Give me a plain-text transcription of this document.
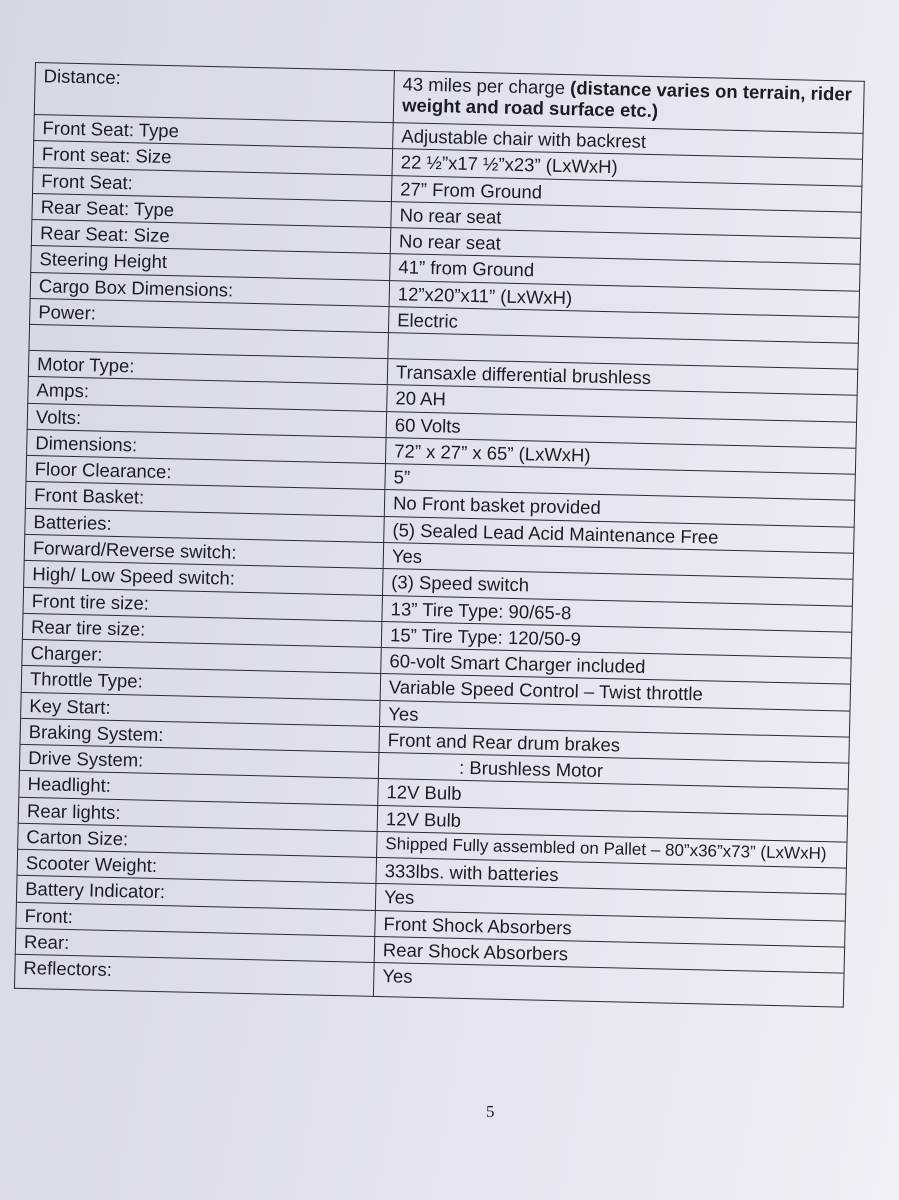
Distance:	43 miles per charge (distance varies on terrain, rider weight and road surface etc.)
Front Seat: Type	Adjustable chair with backrest
Front seat: Size	22 ½”x17 ½”x23” (LxWxH)
Front Seat:	27” From Ground
Rear Seat: Type	No rear seat
Rear Seat: Size	No rear seat
Steering Height	41” from Ground
Cargo Box Dimensions:	12”x20”x11” (LxWxH)
Power:	Electric

Motor Type:	Transaxle differential brushless
Amps:	20 AH
Volts:	60 Volts
Dimensions:	72” x 27” x 65” (LxWxH)
Floor Clearance:	5”
Front Basket:	No Front basket provided
Batteries:	(5) Sealed Lead Acid Maintenance Free
Forward/Reverse switch:	Yes
High/ Low Speed switch:	(3) Speed switch
Front tire size:	13” Tire Type: 90/65-8
Rear tire size:	15” Tire Type: 120/50-9
Charger:	60-volt Smart Charger included
Throttle Type:	Variable Speed Control – Twist throttle
Key Start:	Yes
Braking System:	Front and Rear drum brakes
Drive System:	: Brushless Motor
Headlight:	12V Bulb
Rear lights:	12V Bulb
Carton Size:	Shipped Fully assembled on Pallet – 80”x36”x73” (LxWxH)
Scooter Weight:	333lbs. with batteries
Battery Indicator:	Yes
Front:	Front Shock Absorbers
Rear:	Rear Shock Absorbers
Reflectors:	Yes
5
